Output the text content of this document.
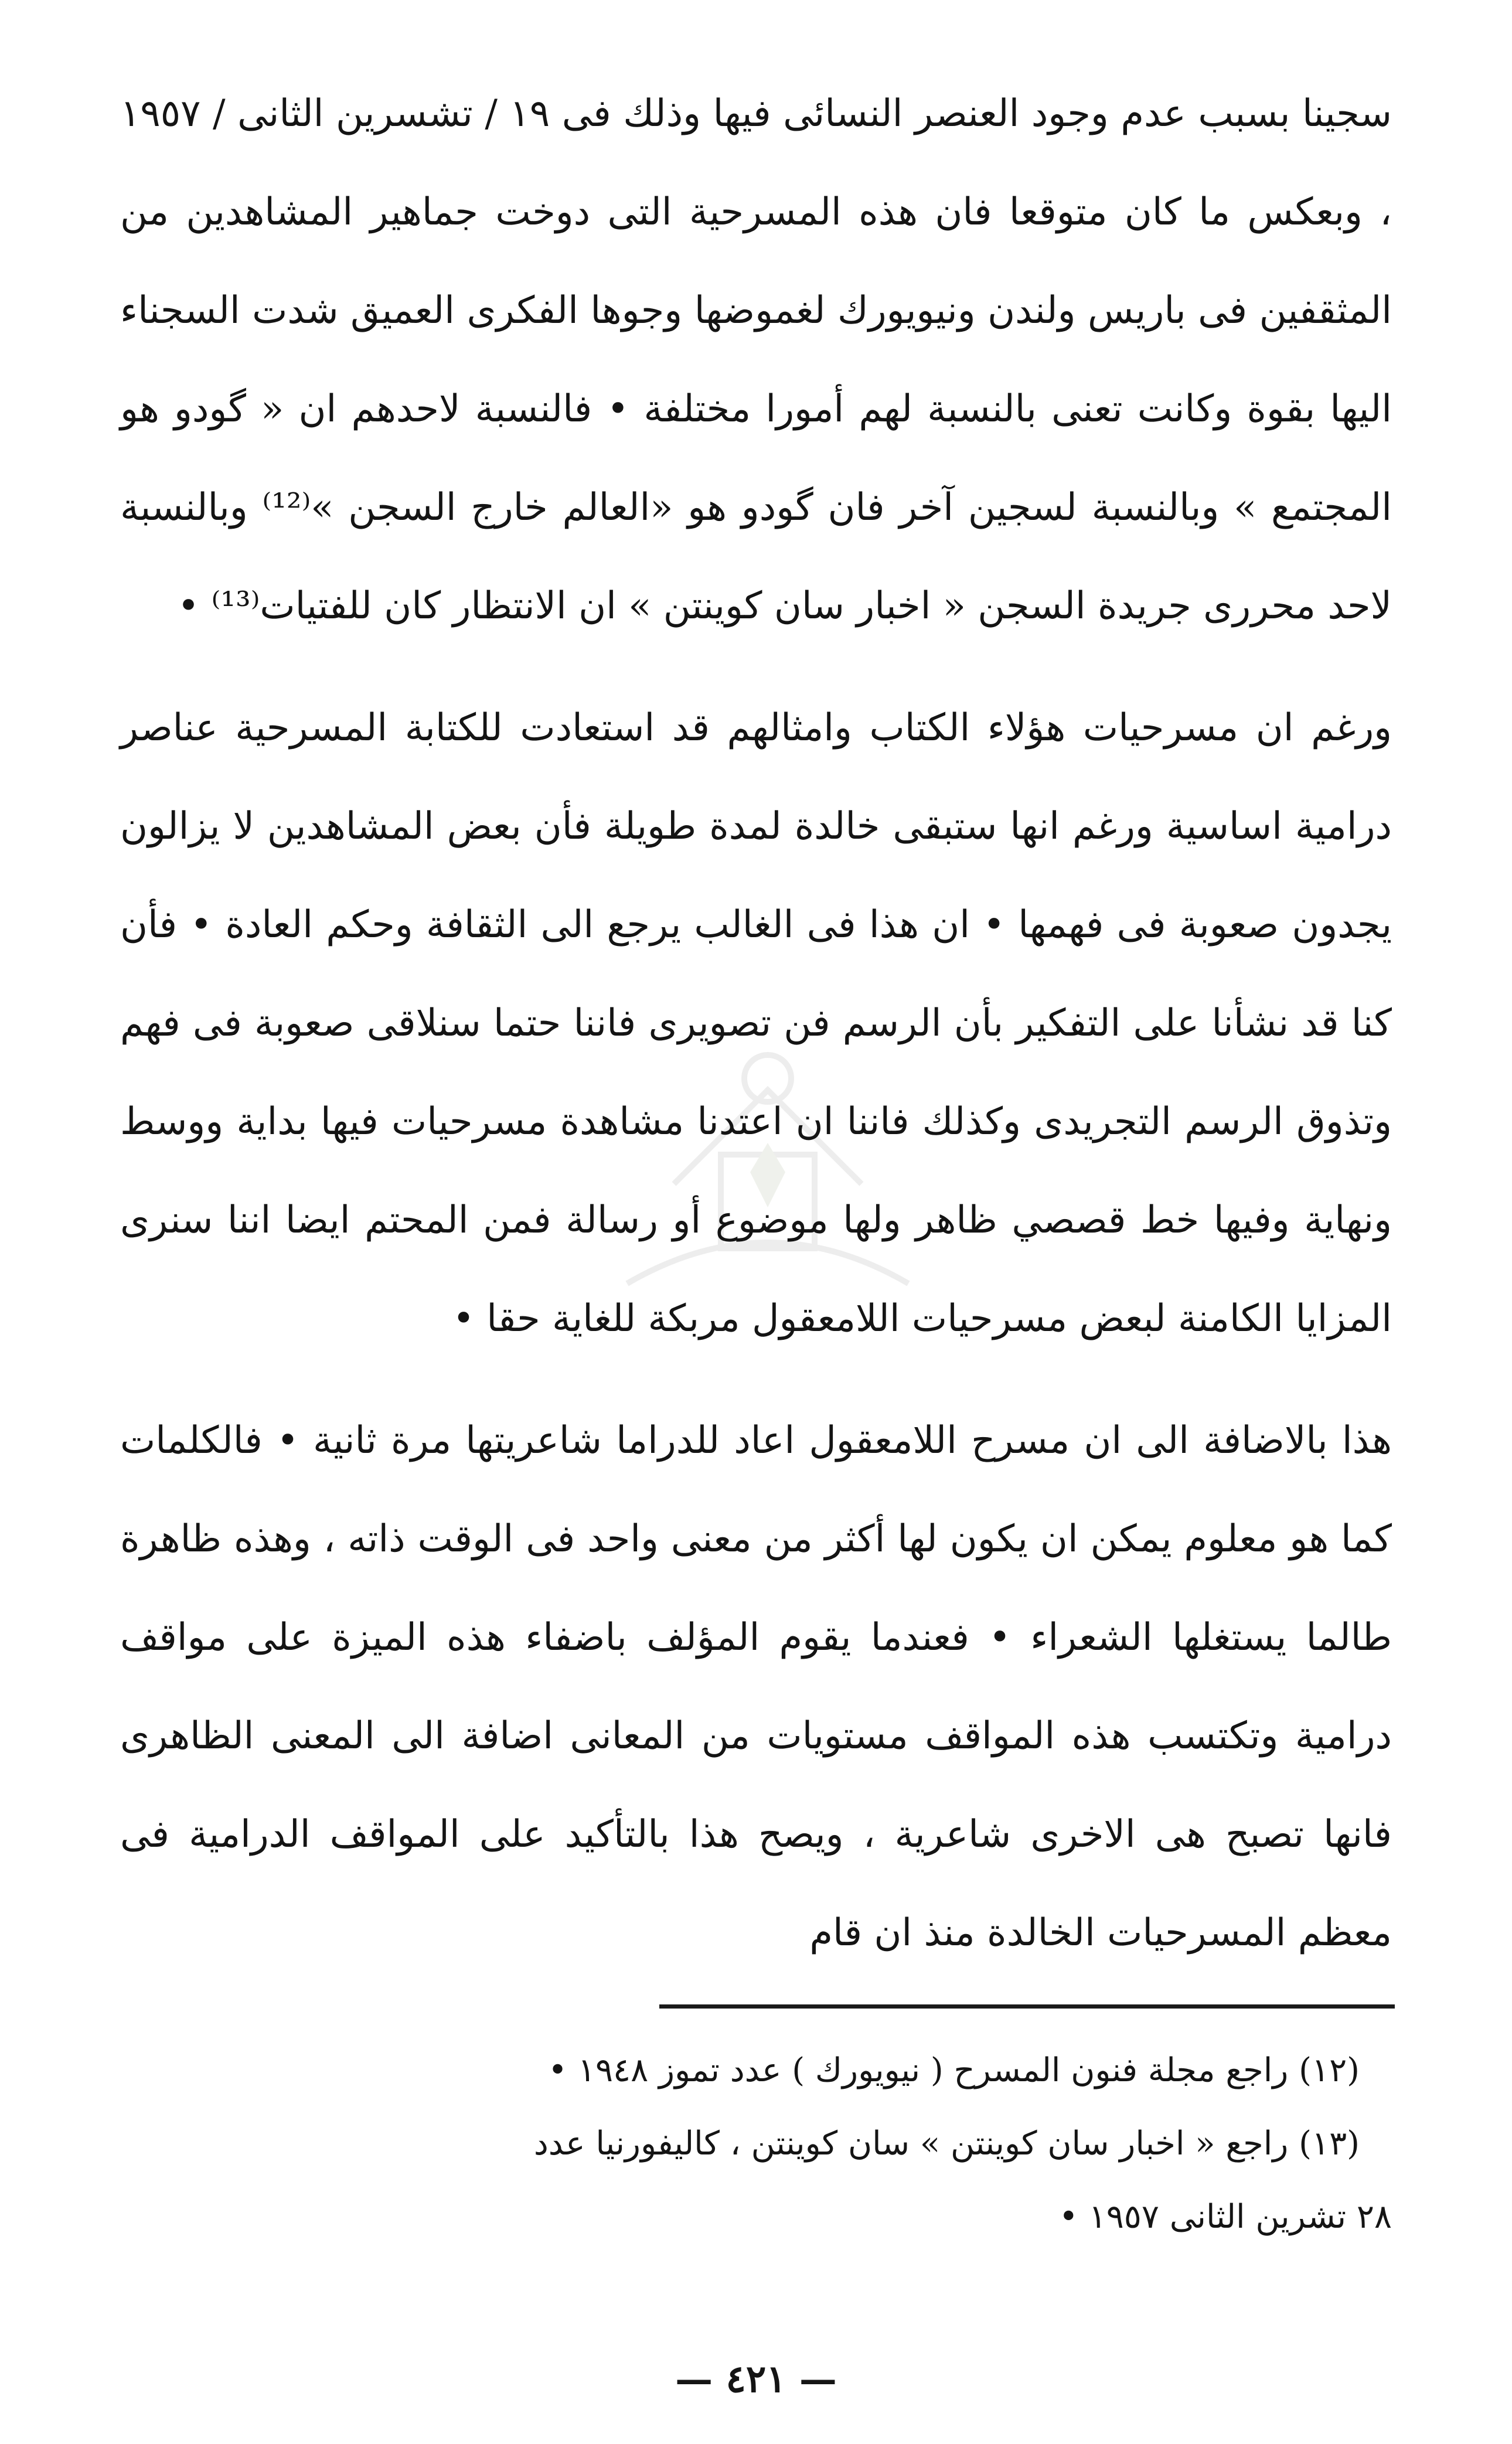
سجينا بسبب عدم وجود العنصر النسائى فيها وذلك فى ١٩ / تشسرين الثانى / ١٩٥٧ ، وبعكس ما كان متوقعا فان هذه المسرحية التى دوخت جماهير المشاهدين من المثقفين فى باريس ولندن ونيويورك لغموضها وجوها الفكرى العميق شدت السجناء اليها بقوة وكانت تعنى بالنسبة لهم أمورا مختلفة • فالنسبة لاحدهم ان « گودو هو المجتمع » وبالنسبة لسجين آخر فان گودو هو «العالم خارج السجن »⁽¹²⁾ وبالنسبة لاحد محررى جريدة السجن « اخبار سان كوينتن » ان الانتظار كان للفتيات⁽¹³⁾ •

ورغم ان مسرحيات هؤلاء الكتاب وامثالهم قد استعادت للكتابة المسرحية عناصر درامية اساسية ورغم انها ستبقى خالدة لمدة طويلة فأن بعض المشاهدين لا يزالون يجدون صعوبة فى فهمها • ان هذا فى الغالب يرجع الى الثقافة وحكم العادة • فأن كنا قد نشأنا على التفكير بأن الرسم فن تصويرى فاننا حتما سنلاقى صعوبة فى فهم وتذوق الرسم التجريدى وكذلك فاننا ان اعتدنا مشاهدة مسرحيات فيها بداية ووسط ونهاية وفيها خط قصصي ظاهر ولها موضوع أو رسالة فمن المحتم ايضا اننا سنرى المزايا الكامنة لبعض مسرحيات اللامعقول مربكة للغاية حقا •

هذا بالاضافة الى ان مسرح اللامعقول اعاد للدراما شاعريتها مرة ثانية • فالكلمات كما هو معلوم يمكن ان يكون لها أكثر من معنى واحد فى الوقت ذاته ، وهذه ظاهرة طالما يستغلها الشعراء • فعندما يقوم المؤلف باضفاء هذه الميزة على مواقف درامية وتكتسب هذه المواقف مستويات من المعانى اضافة الى المعنى الظاهرى فانها تصبح هى الاخرى شاعرية ، ويصح هذا بالتأكيد على المواقف الدرامية فى معظم المسرحيات الخالدة منذ ان قام

(١٢) راجع مجلة فنون المسرح ( نيويورك ) عدد تموز ١٩٤٨ •

(١٣) راجع « اخبار سان كوينتن » سان كوينتن ، كاليفورنيا عدد

٢٨ تشرين الثانى ١٩٥٧ •

— ٤٢١ —
